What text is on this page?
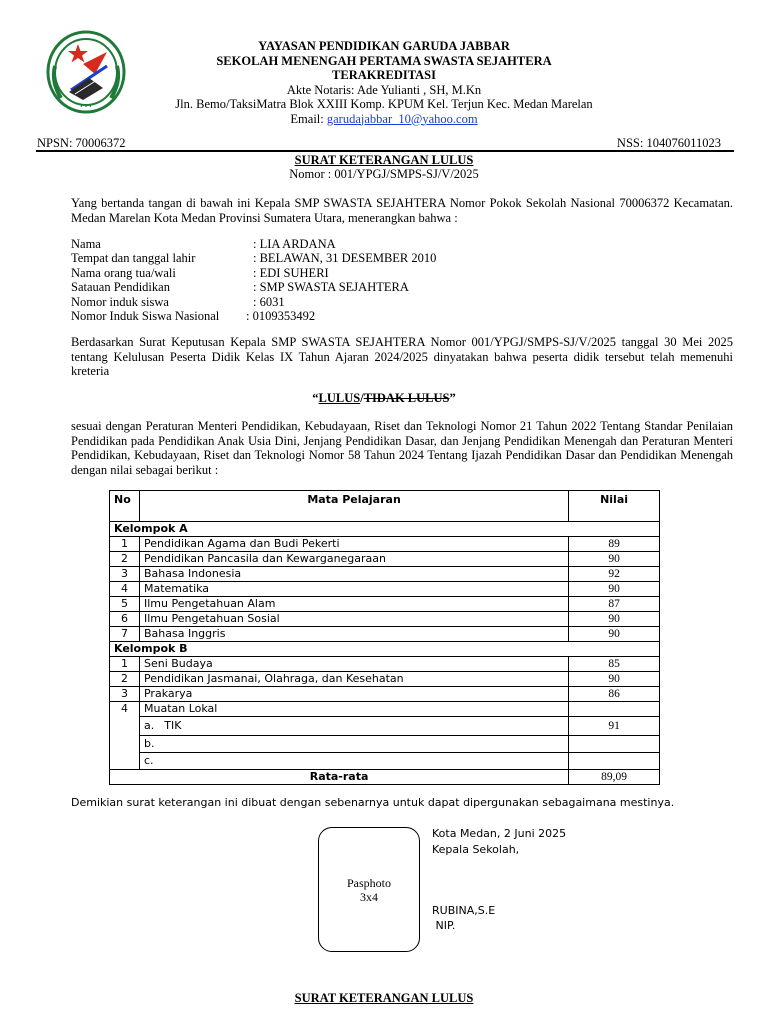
• • •
YAYASAN PENDIDIKAN GARUDA JABBAR
SEKOLAH MENENGAH PERTAMA SWASTA SEJAHTERA
TERAKREDITASI
Akte Notaris: Ade Yulianti , SH, M.Kn
Jln. Bemo/TaksiMatra Blok XXIII Komp. KPUM Kel. Terjun Kec. Medan Marelan
Email: garudajabbar_10@yahoo.com
NPSN: 70006372	NSS: 104076011023
SURAT KETERANGAN LULUS
Nomor : 001/YPGJ/SMPS-SJ/V/2025
Yang bertanda tangan di bawah ini Kepala SMP SWASTA SEJAHTERA Nomor Pokok Sekolah Nasional 70006372 Kecamatan. Medan Marelan Kota Medan Provinsi Sumatera Utara, menerangkan bahwa :
Nama	: LIA ARDANA
Tempat dan tanggal lahir	: BELAWAN, 31 DESEMBER 2010
Nama orang tua/wali	: EDI SUHERI
Satauan Pendidikan	: SMP SWASTA SEJAHTERA
Nomor induk siswa	: 6031
Nomor Induk Siswa Nasional	: 0109353492
Berdasarkan Surat Keputusan Kepala SMP SWASTA SEJAHTERA Nomor 001/YPGJ/SMPS-SJ/V/2025 tanggal 30 Mei 2025 tentang Kelulusan Peserta Didik Kelas IX Tahun Ajaran 2024/2025 dinyatakan bahwa peserta didik tersebut telah memenuhi kreteria
“LULUS/TIDAK LULUS”
sesuai dengan Peraturan Menteri Pendidikan, Kebudayaan, Riset dan Teknologi Nomor 21 Tahun 2022 Tentang Standar Penilaian Pendidikan pada Pendidikan Anak Usia Dini, Jenjang Pendidikan Dasar, dan Jenjang Pendidikan Menengah dan Peraturan Menteri Pendidikan, Kebudayaan, Riset dan Teknologi Nomor 58 Tahun 2024 Tentang Ijazah Pendidikan Dasar dan Pendidikan Menengah dengan nilai sebagai berikut :
No	Mata Pelajaran	Nilai
Kelompok A		
1	Pendidikan Agama dan Budi Pekerti	89
2	Pendidikan Pancasila dan Kewarganegaraan	90
3	Bahasa Indonesia	92
4	Matematika	90
5	Ilmu Pengetahuan Alam	87
6	Ilmu Pengetahuan Sosial	90
7	Bahasa Inggris	90
Kelompok B		
1	Seni Budaya	85
2	Pendidikan Jasmanai, Olahraga, dan Kesehatan	90
3	Prakarya	86
4	Muatan Lokal	
	a. TIK	91
	b.	
	c.	
Rata-rata		89,09
Demikian surat keterangan ini dibuat dengan sebenarnya untuk dapat dipergunakan sebagaimana mestinya.
Pasphoto
3x4
Kota Medan, 2 Juni 2025
Kepala Sekolah,
RUBINA,S.E
NIP.
SURAT KETERANGAN LULUS
